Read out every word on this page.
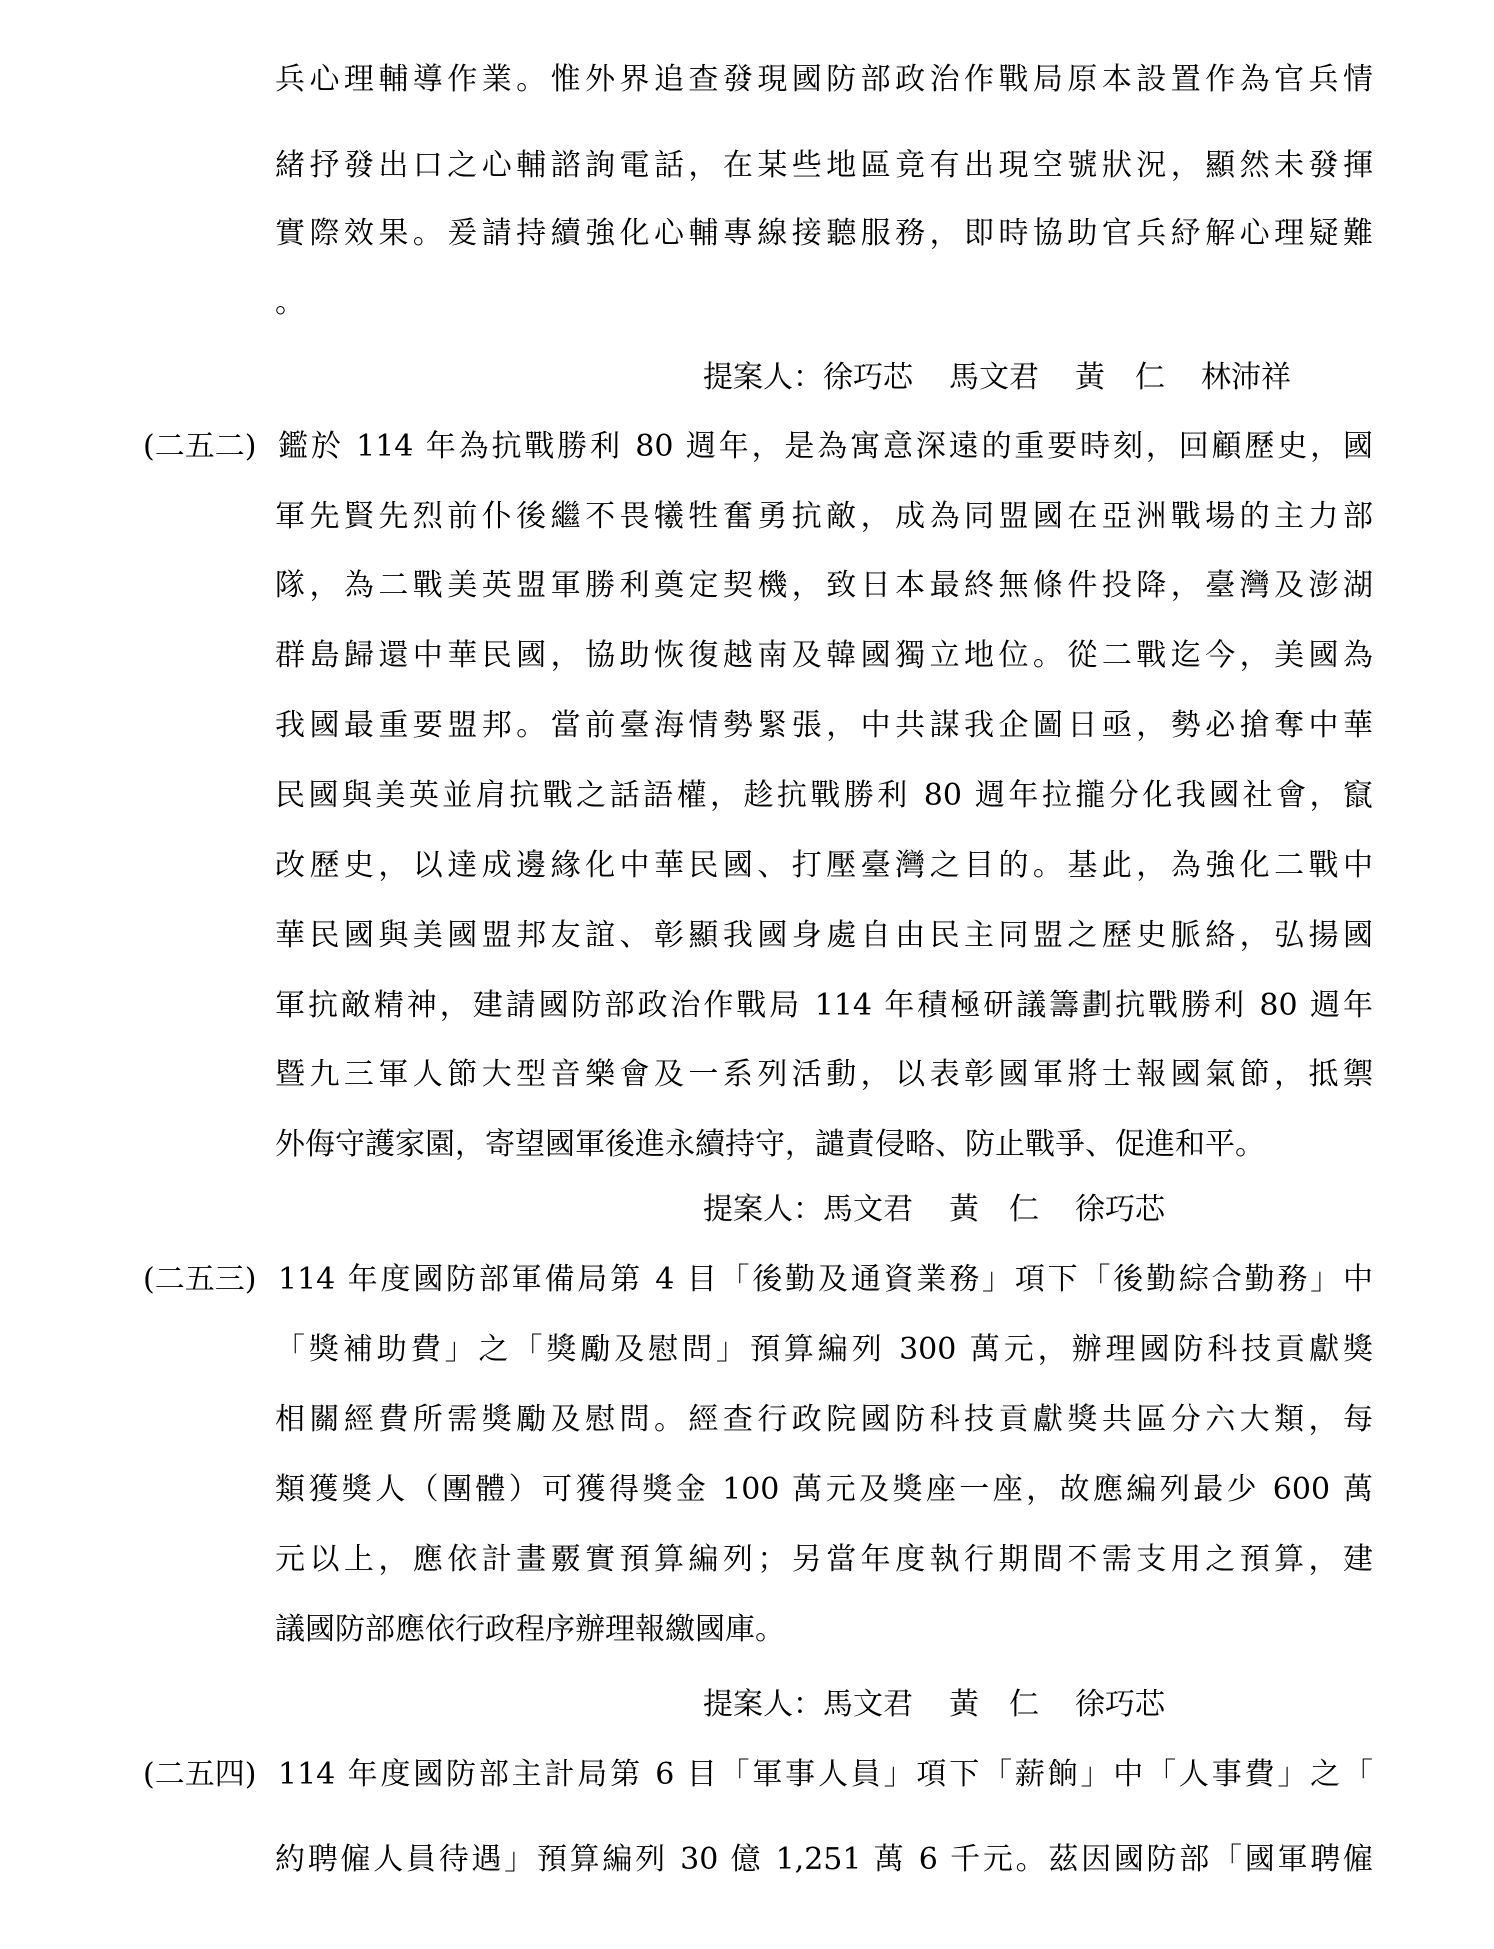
兵心理輔導作業。惟外界追查發現國防部政治作戰局原本設置作為官兵情
緒抒發出口之心輔諮詢電話，在某些地區竟有出現空號狀況，顯然未發揮
實際效果。爰請持續強化心輔專線接聽服務，即時協助官兵紓解心理疑難
。
提案人：徐巧芯 馬文君 黃　仁 林沛祥
(二五二) 鑑於 114 年為抗戰勝利 80 週年，是為寓意深遠的重要時刻，回顧歷史，國
軍先賢先烈前仆後繼不畏犧牲奮勇抗敵，成為同盟國在亞洲戰場的主力部
隊，為二戰美英盟軍勝利奠定契機，致日本最終無條件投降，臺灣及澎湖
群島歸還中華民國，協助恢復越南及韓國獨立地位。從二戰迄今，美國為
我國最重要盟邦。當前臺海情勢緊張，中共謀我企圖日亟，勢必搶奪中華
民國與美英並肩抗戰之話語權，趁抗戰勝利 80 週年拉攏分化我國社會，竄
改歷史，以達成邊緣化中華民國、打壓臺灣之目的。基此，為強化二戰中
華民國與美國盟邦友誼、彰顯我國身處自由民主同盟之歷史脈絡，弘揚國
軍抗敵精神，建請國防部政治作戰局 114 年積極研議籌劃抗戰勝利 80 週年
暨九三軍人節大型音樂會及一系列活動，以表彰國軍將士報國氣節，抵禦
外侮守護家園，寄望國軍後進永續持守，譴責侵略、防止戰爭、促進和平。
提案人：馬文君 黃　仁 徐巧芯
(二五三) 114 年度國防部軍備局第 4 目「後勤及通資業務」項下「後勤綜合勤務」中
「獎補助費」之「獎勵及慰問」預算編列 300 萬元，辦理國防科技貢獻獎
相關經費所需獎勵及慰問。經查行政院國防科技貢獻獎共區分六大類，每
類獲獎人（團體）可獲得獎金 100 萬元及獎座一座，故應編列最少 600 萬
元以上，應依計畫覈實預算編列；另當年度執行期間不需支用之預算，建
議國防部應依行政程序辦理報繳國庫。
提案人：馬文君 黃　仁 徐巧芯
(二五四) 114 年度國防部主計局第 6 目「軍事人員」項下「薪餉」中「人事費」之「
約聘僱人員待遇」預算編列 30 億 1,251 萬 6 千元。茲因國防部「國軍聘僱
